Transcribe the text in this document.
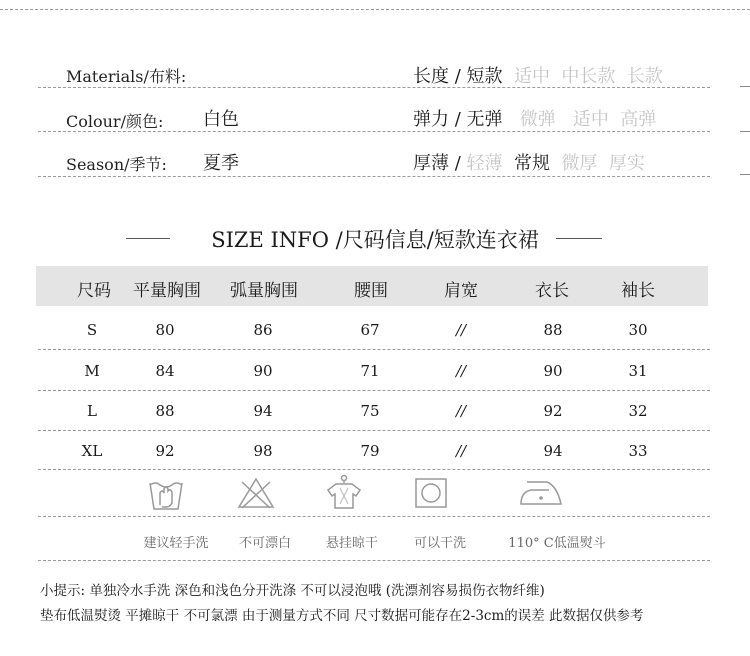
Materials/布料:
Colour/颜色: 白色
Season/季节: 夏季
长度 / 短款 适中 中长款 长款
弹力 / 无弹 微弹 适中 高弹
厚薄 / 轻薄 常规 微厚 厚实
SIZE INFO /尺码信息/短款连衣裙
尺码 平量胸围 弧量胸围	腰围	肩宽	衣长	袖长
S	80	86	67	//	88	30
M	84	90	71	//	90	31
L	88	94	75	//	92	32
XL	92	98	79	//	94	33
建议轻手洗 不可漂白	悬挂晾干	可以干洗	110° C低温熨斗
小提示: 单独冷水手洗 深色和浅色分开洗涤 不可以浸泡哦 (洗漂剂容易损伤衣物纤维)
垫布低温熨烫 平摊晾干 不可氯漂 由于测量方式不同 尺寸数据可能存在2-3cm的误差 此数据仅供参考
